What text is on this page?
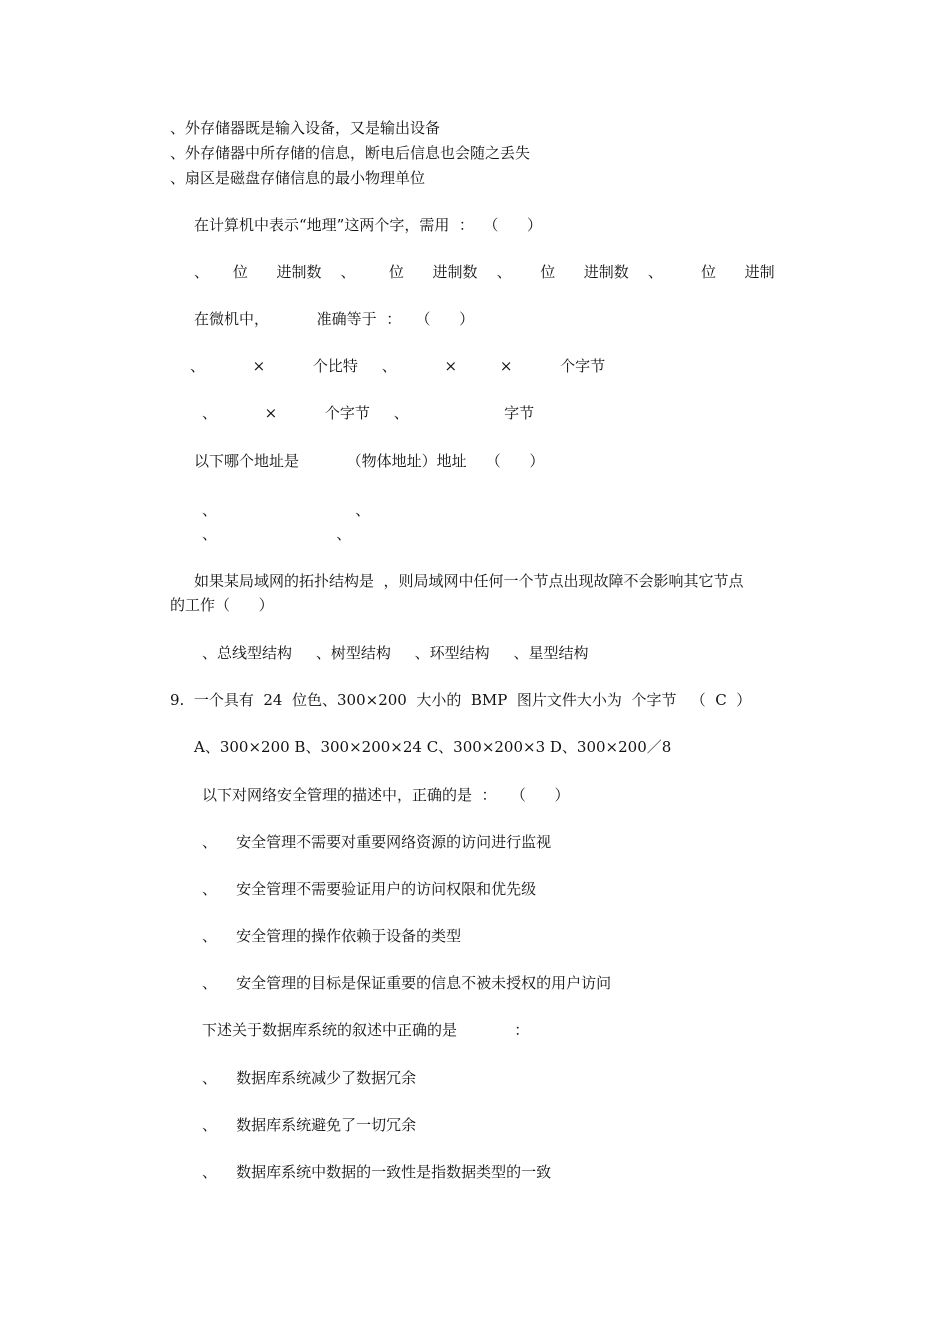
、外存储器既是输入设备，又是输出设备
、外存储器中所存储的信息，断电后信息也会随之丢失
、扇区是磁盘存储信息的最小物理单位
在计算机中表示“地理”这两个字，需用  ：  （      ）
、     位      进制数    、       位      进制数    、      位      进制数    、        位      进制
在微机中，          准确等于  ：   （      ）
、          ×          个比特     、          ×         ×          个字节
、          ×          个字节     、                    字节
以下哪个地址是          （物体地址）地址    （      ）
、                             、
、                         、
如果某局域网的拓扑结构是  ，则局域网中任何一个节点出现故障不会影响其它节点
的工作（      ）
、总线型结构     、树型结构     、环型结构     、星型结构
9.  一个具有  24  位色、300×200  大小的  BMP  图片文件大小为  个字节   （  C  ）
A、300×200 B、300×200×24 C、300×200×3 D、300×200／8
以下对网络安全管理的描述中，正确的是  ：   （      ）
、    安全管理不需要对重要网络资源的访问进行监视
、    安全管理不需要验证用户的访问权限和优先级
、    安全管理的操作依赖于设备的类型
、    安全管理的目标是保证重要的信息不被未授权的用户访问
下述关于数据库系统的叙述中正确的是            ：
、    数据库系统减少了数据冗余
、    数据库系统避免了一切冗余
、    数据库系统中数据的一致性是指数据类型的一致
